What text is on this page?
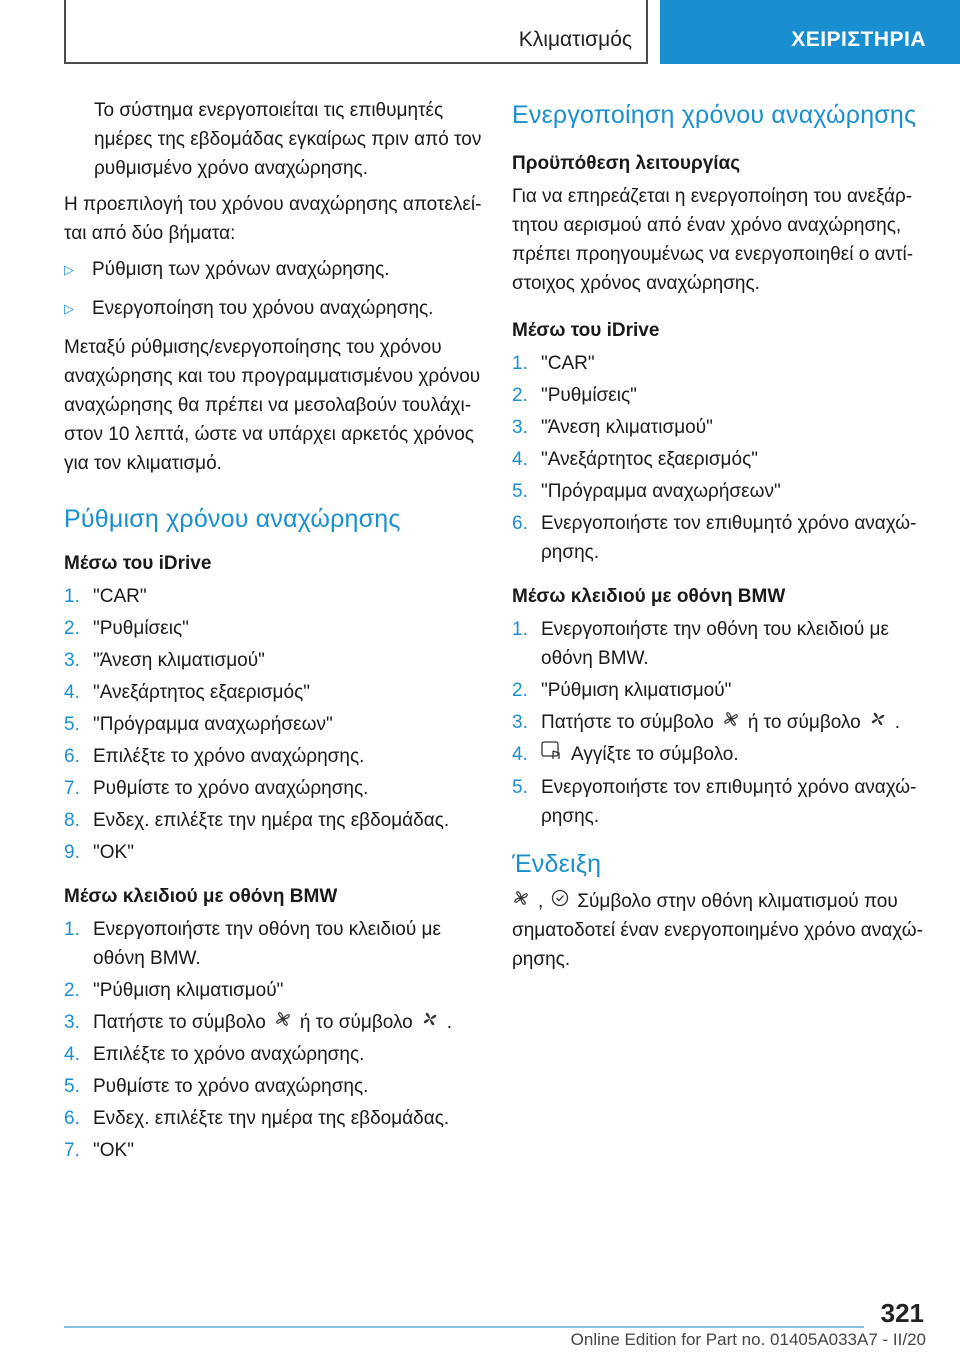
Κλιματισμός	ΧΕΙΡΙΣΤΗΡΙΑ

Το σύστημα ενεργοποιείται τις επιθυμητές ημέρες της εβδομάδας εγκαίρως πριν από τον ρυθμισμένο χρόνο αναχώρησης.

Η προεπιλογή του χρόνου αναχώρησης αποτελεί-ται από δύο βήματα:

▷ Ρύθμιση των χρόνων αναχώρησης.
▷ Ενεργοποίηση του χρόνου αναχώρησης.

Μεταξύ ρύθμισης/ενεργοποίησης του χρόνου αναχώρησης και του προγραμματισμένου χρόνου αναχώρησης θα πρέπει να μεσολαβούν τουλάχι-στον 10 λεπτά, ώστε να υπάρχει αρκετός χρόνος για τον κλιματισμό.

Ρύθμιση χρόνου αναχώρησης
Μέσω του iDrive
1. "CAR"
2. "Ρυθμίσεις"
3. "Άνεση κλιματισμού"
4. "Ανεξάρτητος εξαερισμός"
5. "Πρόγραμμα αναχωρήσεων"
6. Επιλέξτε το χρόνο αναχώρησης.
7. Ρυθμίστε το χρόνο αναχώρησης.
8. Ενδεχ. επιλέξτε την ημέρα της εβδομάδας.
9. "OK"
Μέσω κλειδιού με οθόνη BMW
1. Ενεργοποιήστε την οθόνη του κλειδιού με οθόνη BMW.
2. "Ρύθμιση κλιματισμού"
3. Πατήστε το σύμβολο ή το σύμβολο .
4. Επιλέξτε το χρόνο αναχώρησης.
5. Ρυθμίστε το χρόνο αναχώρησης.
6. Ενδεχ. επιλέξτε την ημέρα της εβδομάδας.
7. "OK"
Ενεργοποίηση χρόνου αναχώρησης
Προϋπόθεση λειτουργίας

Για να επηρεάζεται η ενεργοποίηση του ανεξάρ-τητου αερισμού από έναν χρόνο αναχώρησης, πρέπει προηγουμένως να ενεργοποιηθεί ο αντί-στοιχος χρόνος αναχώρησης.

Μέσω του iDrive
1. "CAR"
2. "Ρυθμίσεις"
3. "Άνεση κλιματισμού"
4. "Ανεξάρτητος εξαερισμός"
5. "Πρόγραμμα αναχωρήσεων"
6. Ενεργοποιήστε τον επιθυμητό χρόνο αναχώ-ρησης.
Μέσω κλειδιού με οθόνη BMW
1. Ενεργοποιήστε την οθόνη του κλειδιού με οθόνη BMW.
2. "Ρύθμιση κλιματισμού"
3. Πατήστε το σύμβολο ή το σύμβολο .
4. Αγγίξτε το σύμβολο.
5. Ενεργοποιήστε τον επιθυμητό χρόνο αναχώ-ρησης.
Ένδειξη

, Σύμβολο στην οθόνη κλιματισμού που σηματοδοτεί έναν ενεργοποιημένο χρόνο αναχώ-ρησης.

321
Online Edition for Part no. 01405A033A7 - II/20
